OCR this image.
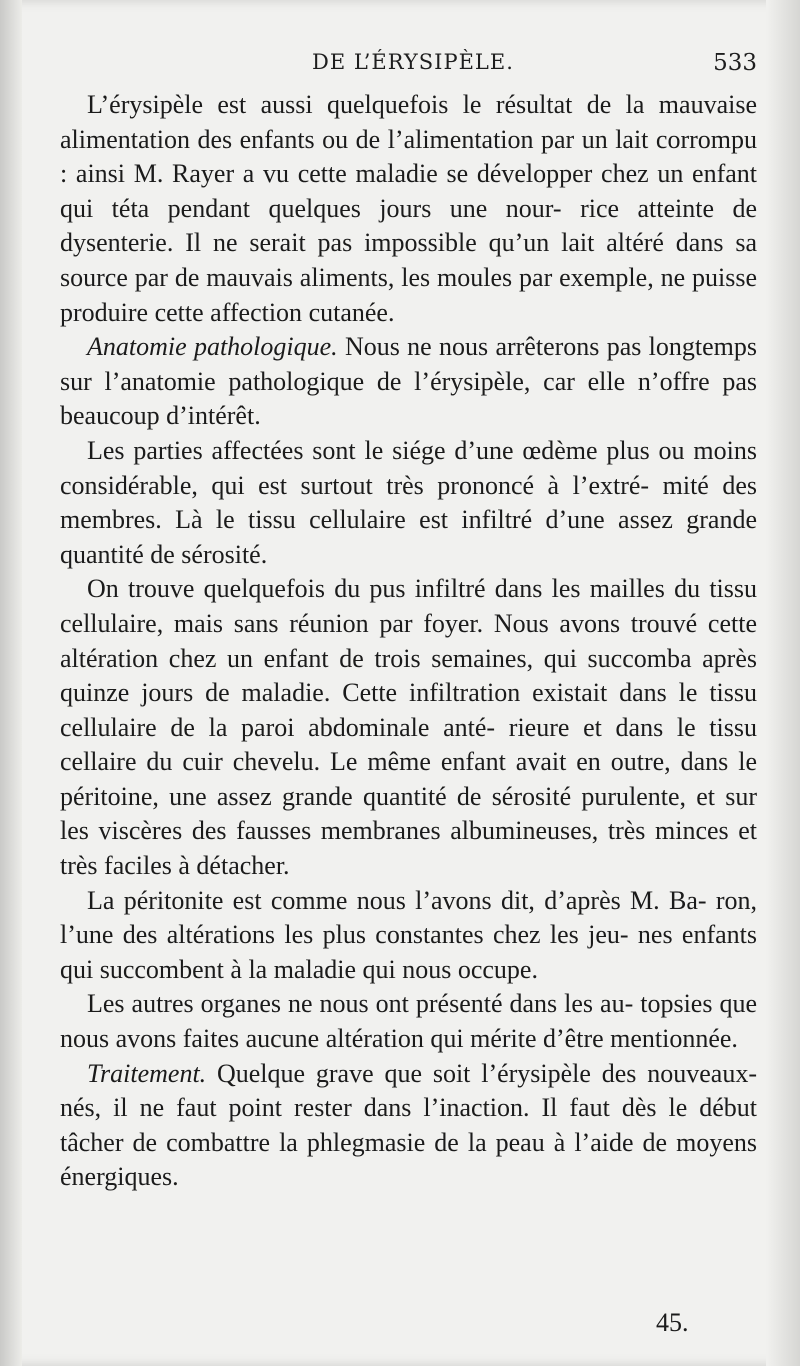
DE L’ÉRYSIPÈLE.	533

L’érysipèle est aussi quelquefois le résultat de la mauvaise alimentation des enfants ou de l’alimentation par un lait corrompu : ainsi M. Rayer a vu cette maladie se développer chez un enfant qui téta pendant quelques jours une nour- rice atteinte de dysenterie. Il ne serait pas impossible qu’un lait altéré dans sa source par de mauvais aliments, les moules par exemple, ne puisse produire cette affection cutanée.

Anatomie pathologique. Nous ne nous arrêterons pas longtemps sur l’anatomie pathologique de l’érysipèle, car elle n’offre pas beaucoup d’intérêt.

Les parties affectées sont le siége d’une œdème plus ou moins considérable, qui est surtout très prononcé à l’extré- mité des membres. Là le tissu cellulaire est infiltré d’une assez grande quantité de sérosité.

On trouve quelquefois du pus infiltré dans les mailles du tissu cellulaire, mais sans réunion par foyer. Nous avons trouvé cette altération chez un enfant de trois semaines, qui succomba après quinze jours de maladie. Cette infiltration existait dans le tissu cellulaire de la paroi abdominale anté- rieure et dans le tissu cellaire du cuir chevelu. Le même enfant avait en outre, dans le péritoine, une assez grande quantité de sérosité purulente, et sur les viscères des fausses membranes albumineuses, très minces et très faciles à détacher.

La péritonite est comme nous l’avons dit, d’après M. Ba- ron, l’une des altérations les plus constantes chez les jeu- nes enfants qui succombent à la maladie qui nous occupe.

Les autres organes ne nous ont présenté dans les au- topsies que nous avons faites aucune altération qui mérite d’être mentionnée.

Traitement. Quelque grave que soit l’érysipèle des nouveaux-nés, il ne faut point rester dans l’inaction. Il faut dès le début tâcher de combattre la phlegmasie de la peau à l’aide de moyens énergiques.

45.
